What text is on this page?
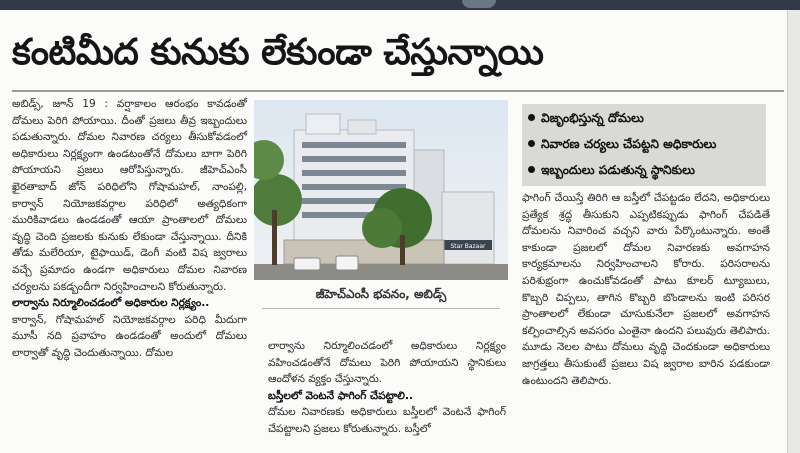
కంటిమీద కునుకు లేకుండా చేస్తున్నాయి

అబిడ్స్, జూన్ 19 : వర్షాకాలం ఆరంభం కావడంతో దోమలు పెరిగి పోయాయి. దీంతో ప్రజలు తీవ్ర ఇబ్బందులు పడుతున్నారు. దోమల నివారణ చర్యలు తీసుకోవడంలో అధికారులు నిర్లక్ష్యంగా ఉండటంతోనే దోమలు బాగా పెరిగి పోయాయని ప్రజలు ఆరోపిస్తున్నారు. జీహెచ్ఎంసీ ఖైరతాబాద్ జోన్ పరిధిలోని గోషామహల్, నాంపల్లి, కార్వాన్ నియోజకవర్గాల పరిధిలో అత్యధికంగా మురికివాడలు ఉండడంతో ఆయా ప్రాంతాలలో దోమలు వృద్ధి చెంది ప్రజలకు కునుకు లేకుండా చేస్తున్నాయి. దీనికి తోడు మలేరియా, టైఫాయిడ్, డెంగీ వంటి విష జ్వరాలు వచ్చే ప్రమాదం ఉండగా అధికారులు దోమల నివారణ చర్యలను పకడ్బందీగా నిర్వహించాలని కోరుతున్నారు.

లార్వాను నిర్మూలించడంలో అధికారుల నిర్లక్ష్యం..

కార్వాన్, గోషామహల్ నియోజకవర్గాల పరిధి మీదుగా మూసీ నది ప్రవాహం ఉండడంతో అందులో దోమలు లార్వాతో వృద్ధి చెందుతున్నాయి. దోమల

Star Bazaar
జీహెచ్‌ఎంసీ భవనం, అబిడ్స్

లార్వాను నిర్మూలించడంలో అధికారులు నిర్లక్ష్యం వహించడంతోనే దోమలు పెరిగి పోయాయని స్థానికులు ఆందోళన వ్యక్తం చేస్తున్నారు.

బస్తీలలో వెంటనే ఫాగింగ్ చేపట్టాలి..

దోమల నివారణకు అధికారులు బస్తీలలో వెంటనే ఫాగింగ్ చేపట్టాలని ప్రజలు కోరుతున్నారు. బస్తీలో

విజృంభిస్తున్న దోమలు
నివారణ చర్యలు చేపట్టని అధికారులు
ఇబ్బందులు పడుతున్న స్థానికులు

ఫాగింగ్ చేయిస్తే తిరిగి ఆ బస్తీలో చేపట్టడం లేదని, అధికారులు ప్రత్యేక శ్రద్ధ తీసుకుని ఎప్పటికప్పుడు ఫాగింగ్ చేపడితే దోమలను నివారించ వచ్చని వారు పేర్కొంటున్నారు. అంతే కాకుండా ప్రజలలో దోమల నివారణకు అవగాహన కార్యక్రమాలను నిర్వహించాలని కోరారు. పరిసరాలను పరిశుభ్రంగా ఉంచుకోవడంతో పాటు కూలర్ ట్యూబులు, కొబ్బరి చిప్పలు, తాగిన కొబ్బరి బొండాలను ఇంటి పరిసర ప్రాంతాలలో లేకుండా చూసుకునేలా ప్రజలలో అవగాహన కల్పించాల్సిన అవసరం ఎంతైనా ఉందని పలువురు తెలిపారు. మూడు నెలల పాటు దోమలు వృద్ధి చెందకుండా అధికారులు జాగ్రత్తలు తీసుకుంటే ప్రజలు విష జ్వరాల బారిన పడకుండా ఉంటుందని తెలిపారు.
